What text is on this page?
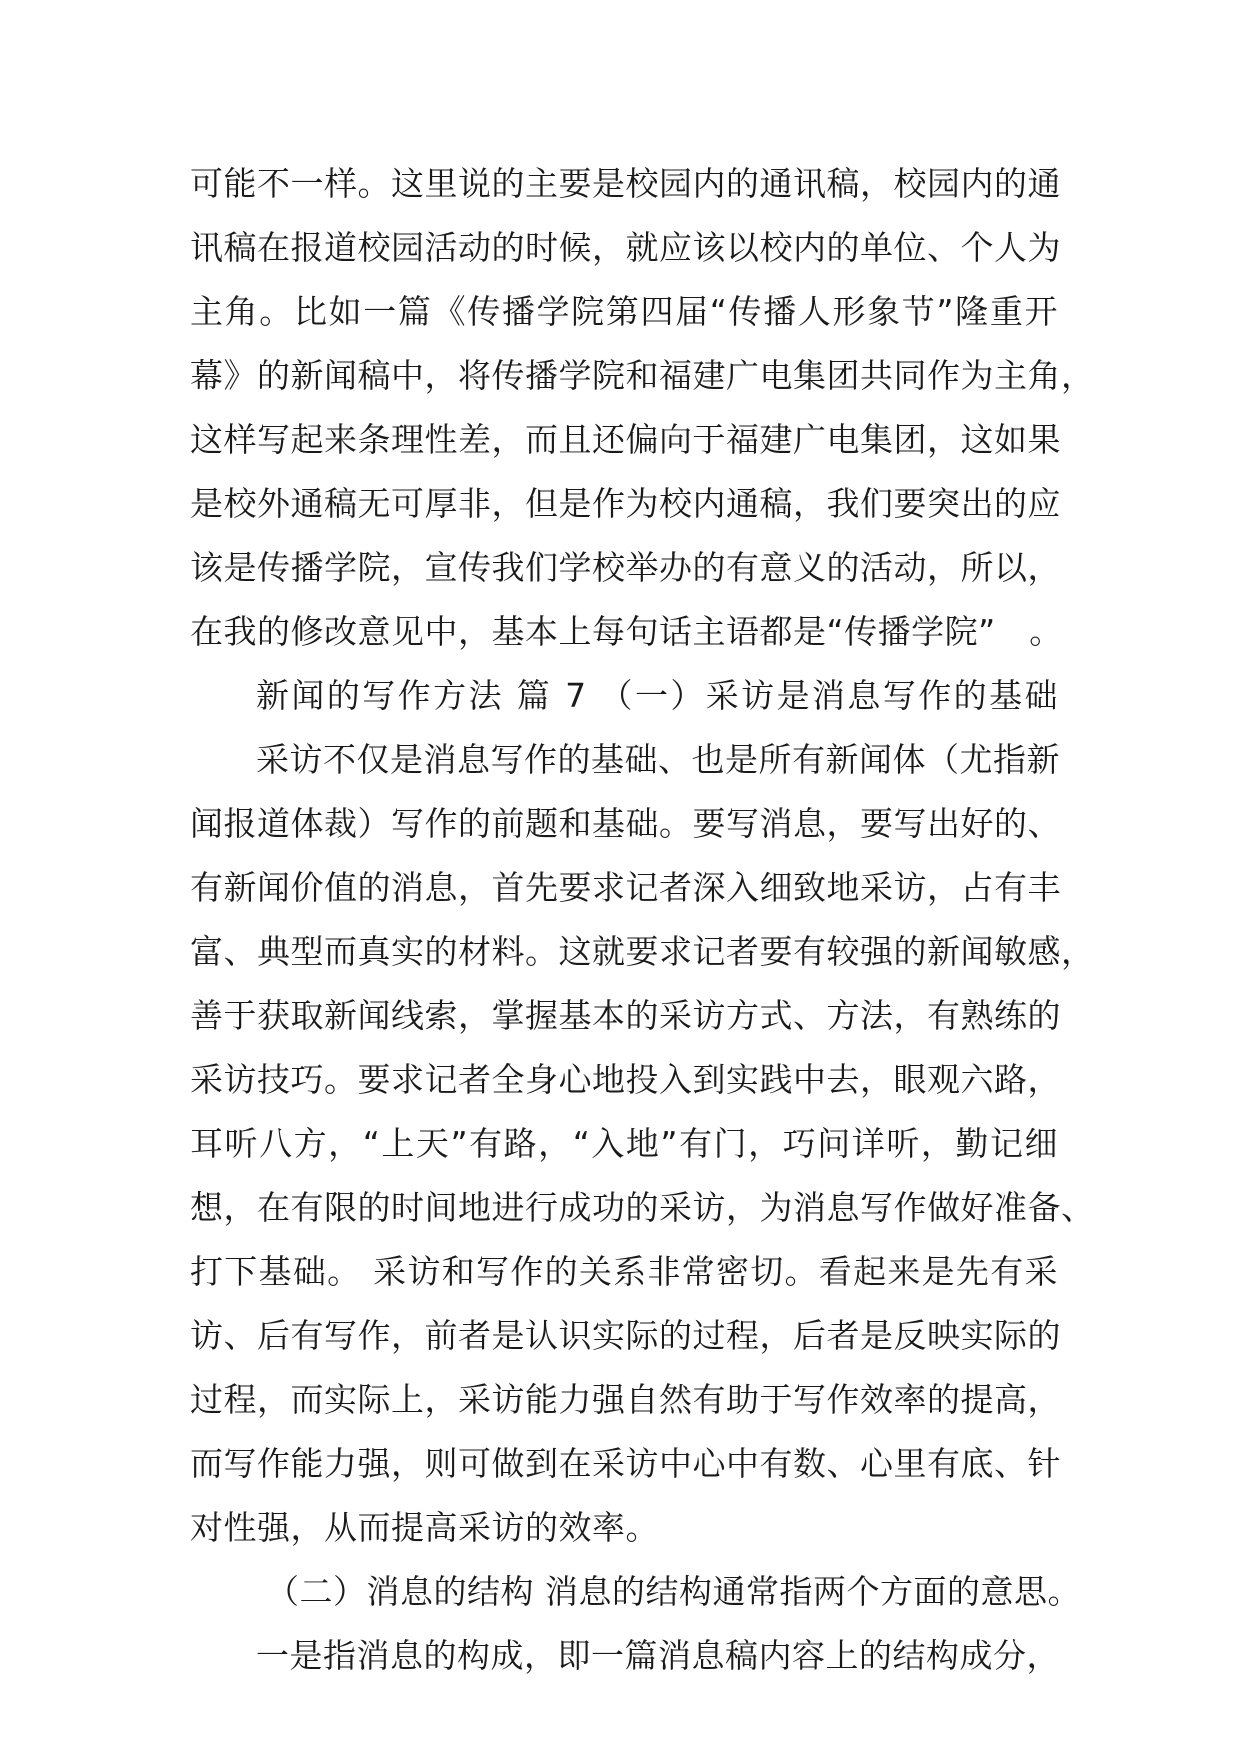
可能不一样。这里说的主要是校园内的通讯稿，校园内的通
讯稿在报道校园活动的时候，就应该以校内的单位、个人为
主角。比如一篇《传播学院第四届“传播人形象节”隆重开
幕》的新闻稿中，将传播学院和福建广电集团共同作为主角，
这样写起来条理性差，而且还偏向于福建广电集团，这如果
是校外通稿无可厚非，但是作为校内通稿，我们要突出的应
该是传播学院，宣传我们学校举办的有意义的活动，所以，
在我的修改意见中，基本上每句话主语都是“传播学院”　。
新闻的写作方法 篇 7 （一）采访是消息写作的基础
采访不仅是消息写作的基础、也是所有新闻体（尤指新
闻报道体裁）写作的前题和基础。要写消息，要写出好的、
有新闻价值的消息，首先要求记者深入细致地采访，占有丰
富、典型而真实的材料。这就要求记者要有较强的新闻敏感，
善于获取新闻线索，掌握基本的采访方式、方法，有熟练的
采访技巧。要求记者全身心地投入到实践中去，眼观六路，
耳听八方，“上天”有路，“入地”有门，巧问详听，勤记细
想，在有限的时间地进行成功的采访，为消息写作做好准备、
打下基础。 采访和写作的关系非常密切。看起来是先有采
访、后有写作，前者是认识实际的过程，后者是反映实际的
过程，而实际上，采访能力强自然有助于写作效率的提高，
而写作能力强，则可做到在采访中心中有数、心里有底、针
对性强，从而提高采访的效率。
（二）消息的结构 消息的结构通常指两个方面的意思。
一是指消息的构成，即一篇消息稿内容上的结构成分，
